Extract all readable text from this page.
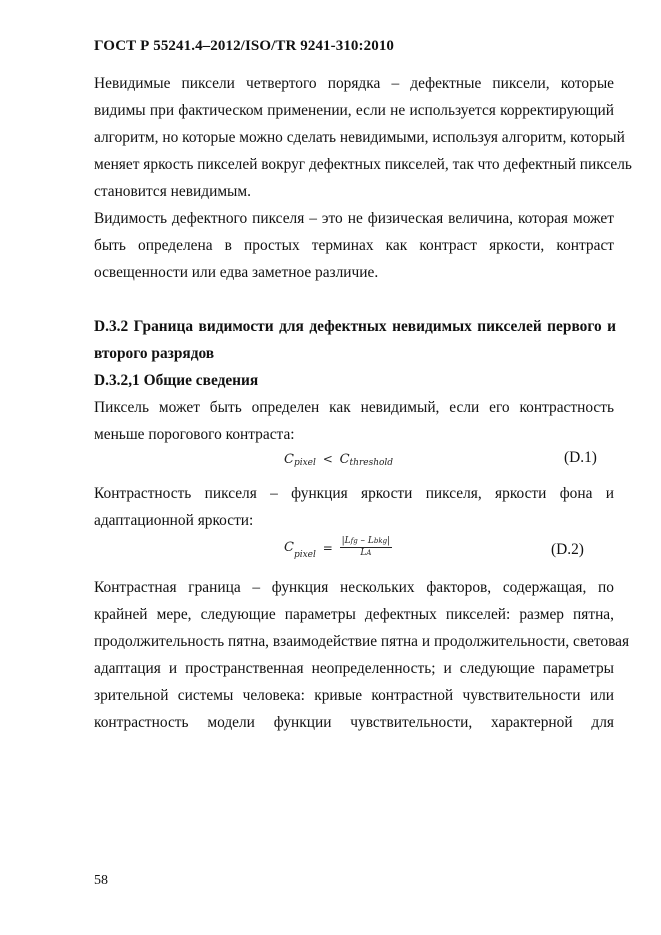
ГОСТ Р 55241.4–2012/ISO/TR 9241-310:2010
Невидимые пиксели четвертого порядка – дефектные пиксели, которые
видимы при фактическом применении, если не используется корректирующий
алгоритм, но которые можно сделать невидимыми, используя алгоритм, который
меняет яркость пикселей вокруг дефектных пикселей, так что дефектный пиксель
становится невидимым.
Видимость дефектного пикселя – это не физическая величина, которая может
быть определена в простых терминах как контраст яркости, контраст
освещенности или едва заметное различие.
D.3.2 Граница видимости для дефектных невидимых пикселей первого и
второго разрядов
D.3.2,1 Общие сведения
Пиксель может быть определен как невидимый, если его контрастность
меньше порогового контраста:
$C_{pixel} < C_{threshold}$	(D.1)
Контрастность пикселя – функция яркости пикселя, яркости фона и
адаптационной яркости:
$C_{pixel} = \frac{\text{|Lfg – Lbkg|}}{LA}$	(D.2)
Контрастная граница – функция нескольких факторов, содержащая, по
крайней мере, следующие параметры дефектных пикселей: размер пятна,
продолжительность пятна, взаимодействие пятна и продолжительности, световая
адаптация и пространственная неопределенность; и следующие параметры
зрительной системы человека: кривые контрастной чувствительности или
контрастность модели функции чувствительности, характерной для
58
